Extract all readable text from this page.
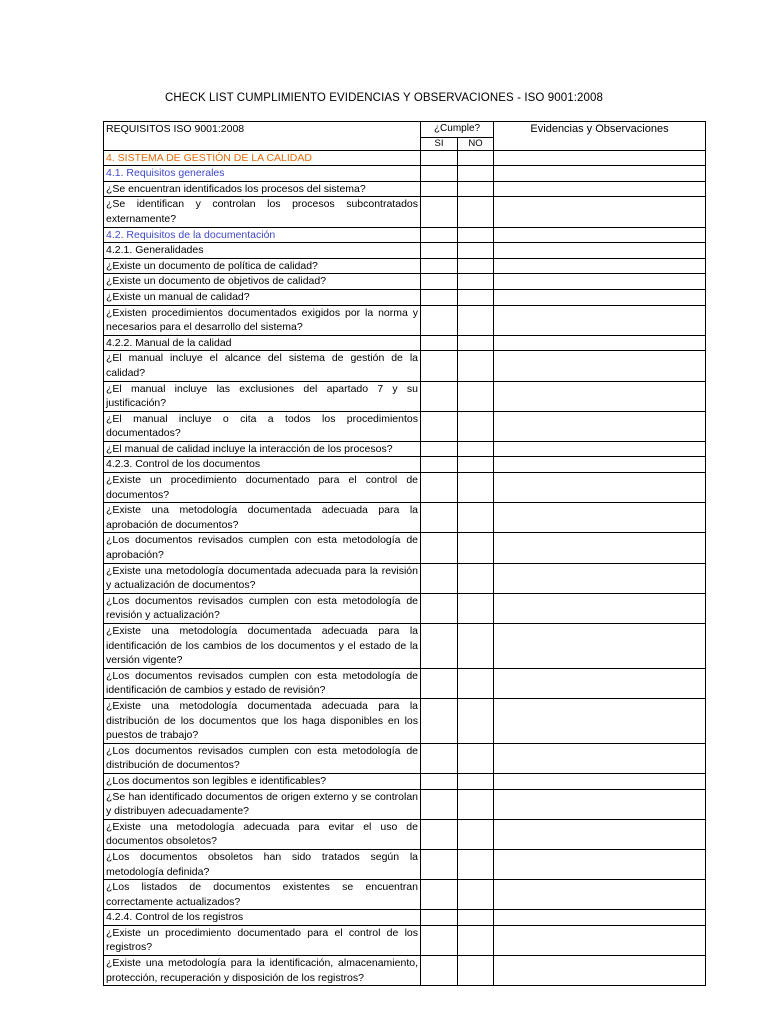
CHECK LIST CUMPLIMIENTO EVIDENCIAS Y OBSERVACIONES - ISO 9001:2008
REQUISITOS ISO 9001:2008	¿Cumple?		Evidencias y Observaciones
	SI	NO	
4. SISTEMA DE GESTIÓN DE LA CALIDAD			
4.1. Requisitos generales			
¿Se encuentran identificados los procesos del sistema?			
¿Se identifican y controlan los procesos subcontratados externamente?			
4.2. Requisitos de la documentación			
4.2.1. Generalidades			
¿Existe un documento de política de calidad?			
¿Existe un documento de objetivos de calidad?			
¿Existe un manual de calidad?			
¿Existen procedimientos documentados exigidos por la norma y necesarios para el desarrollo del sistema?			
4.2.2. Manual de la calidad			
¿El manual incluye el alcance del sistema de gestión de la calidad?			
¿El manual incluye las exclusiones del apartado 7 y su justificación?			
¿El manual incluye o cita a todos los procedimientos documentados?			
¿El manual de calidad incluye la interacción de los procesos?			
4.2.3. Control de los documentos			
¿Existe un procedimiento documentado para el control de documentos?			
¿Existe una metodología documentada adecuada para la aprobación de documentos?			
¿Los documentos revisados cumplen con esta metodología de aprobación?			
¿Existe una metodología documentada adecuada para la revisión y actualización de documentos?			
¿Los documentos revisados cumplen con esta metodología de revisión y actualización?			
¿Existe una metodología documentada adecuada para la identificación de los cambios de los documentos y el estado de la versión vigente?			
¿Los documentos revisados cumplen con esta metodología de identificación de cambios y estado de revisión?			
¿Existe una metodología documentada adecuada para la distribución de los documentos que los haga disponibles en los puestos de trabajo?			
¿Los documentos revisados cumplen con esta metodología de distribución de documentos?			
¿Los documentos son legibles e identificables?			
¿Se han identificado documentos de origen externo y se controlan y distribuyen adecuadamente?			
¿Existe una metodología adecuada para evitar el uso de documentos obsoletos?			
¿Los documentos obsoletos han sido tratados según la metodología definida?			
¿Los listados de documentos existentes se encuentran correctamente actualizados?			
4.2.4. Control de los registros			
¿Existe un procedimiento documentado para el control de los registros?			
¿Existe una metodología para la identificación, almacenamiento, protección, recuperación y disposición de los registros?			
